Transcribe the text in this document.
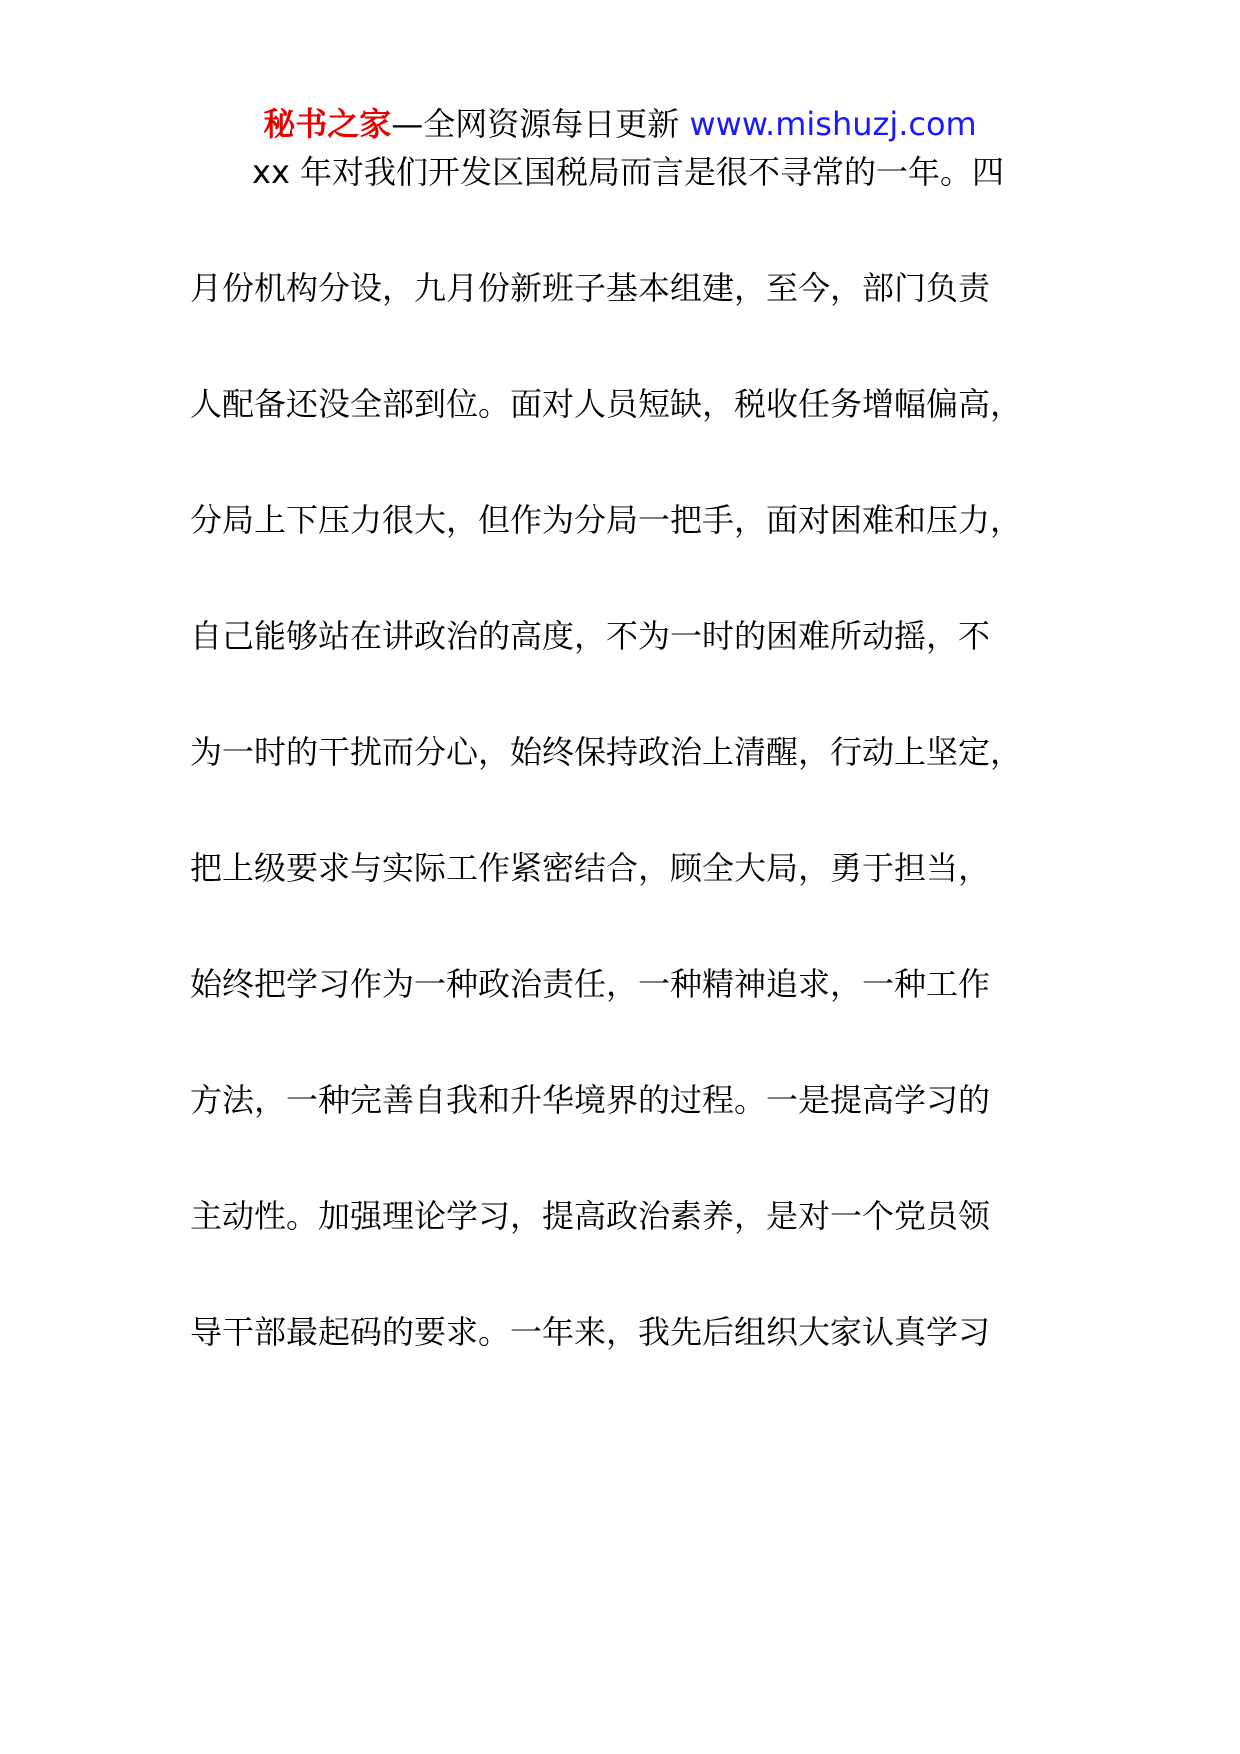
秘书之家—全网资源每日更新 www.mishuzj.com
xx 年对我们开发区国税局而言是很不寻常的一年。四
月份机构分设，九月份新班子基本组建，至今，部门负责
人配备还没全部到位。面对人员短缺，税收任务增幅偏高，
分局上下压力很大，但作为分局一把手，面对困难和压力，
自己能够站在讲政治的高度，不为一时的困难所动摇，不
为一时的干扰而分心，始终保持政治上清醒，行动上坚定，
把上级要求与实际工作紧密结合，顾全大局，勇于担当，
始终把学习作为一种政治责任，一种精神追求，一种工作
方法，一种完善自我和升华境界的过程。一是提高学习的
主动性。加强理论学习，提高政治素养，是对一个党员领
导干部最起码的要求。一年来，我先后组织大家认真学习
